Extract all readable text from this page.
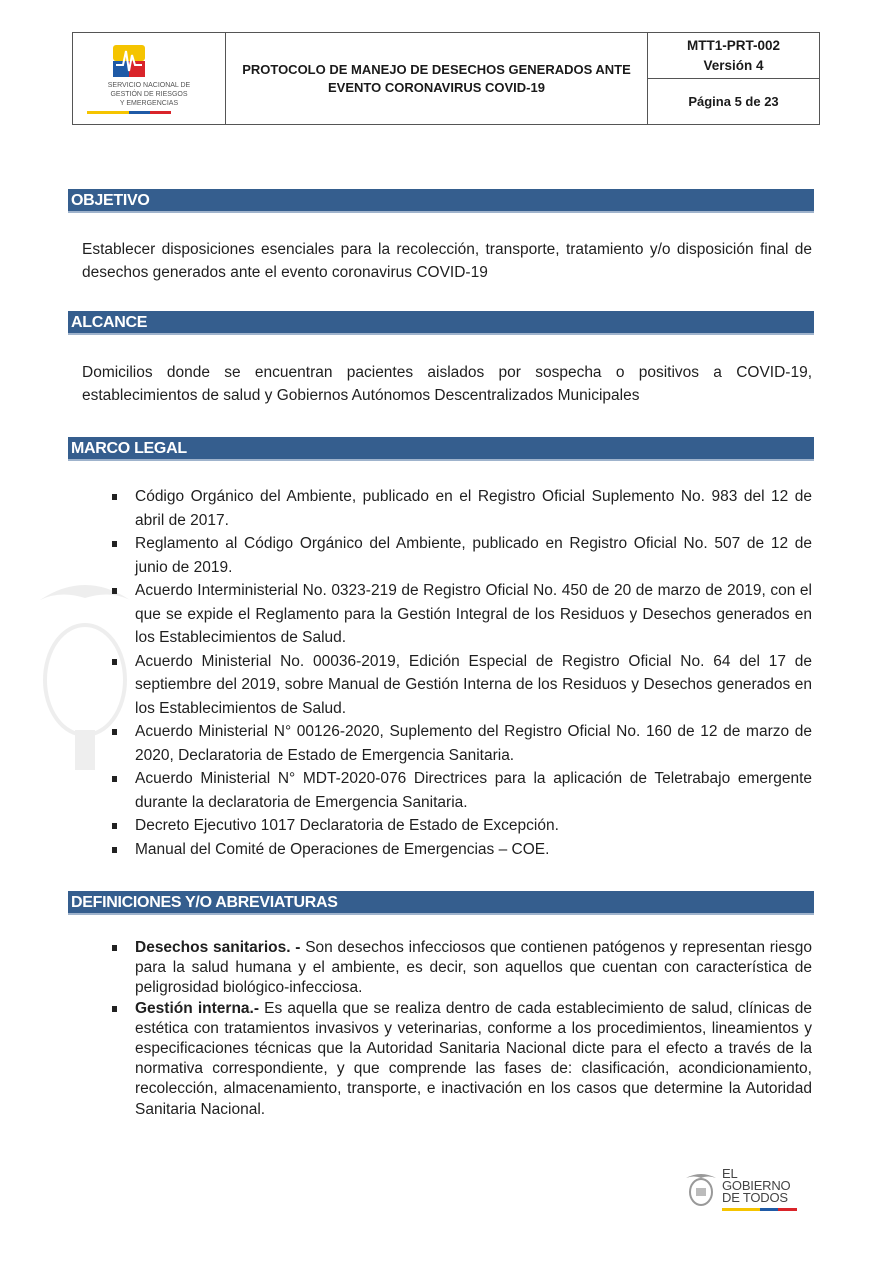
SERVICIO NACIONAL DE
GESTIÓN DE RIESGOS
Y EMERGENCIAS
PROTOCOLO DE MANEJO DE DESECHOS GENERADOS ANTE
EVENTO CORONAVIRUS COVID-19
MTT1-PRT-002
Versión 4
Página 5 de 23
OBJETIVO
Establecer disposiciones esenciales para la recolección, transporte, tratamiento y/o disposición final de desechos generados ante el evento coronavirus COVID-19
ALCANCE
Domicilios donde se encuentran pacientes aislados por sospecha o positivos a COVID-19, establecimientos de salud y Gobiernos Autónomos Descentralizados Municipales
MARCO LEGAL
Código Orgánico del Ambiente, publicado en el Registro Oficial Suplemento No. 983 del 12 de abril de 2017.
Reglamento al Código Orgánico del Ambiente, publicado en Registro Oficial No. 507 de 12 de junio de 2019.
Acuerdo Interministerial No. 0323-219 de Registro Oficial No. 450 de 20 de marzo de 2019, con el que se expide el Reglamento para la Gestión Integral de los Residuos y Desechos generados en los Establecimientos de Salud.
Acuerdo Ministerial No. 00036-2019, Edición Especial de Registro Oficial No. 64 del 17 de septiembre del 2019, sobre Manual de Gestión Interna de los Residuos y Desechos generados en los Establecimientos de Salud.
Acuerdo Ministerial N° 00126-2020, Suplemento del Registro Oficial No. 160 de 12 de marzo de 2020, Declaratoria de Estado de Emergencia Sanitaria.
Acuerdo Ministerial N° MDT-2020-076 Directrices para la aplicación de Teletrabajo emergente durante la declaratoria de Emergencia Sanitaria.
Decreto Ejecutivo 1017 Declaratoria de Estado de Excepción.
Manual del Comité de Operaciones de Emergencias – COE.
DEFINICIONES Y/O ABREVIATURAS
Desechos sanitarios. - Son desechos infecciosos que contienen patógenos y representan riesgo para la salud humana y el ambiente, es decir, son aquellos que cuentan con característica de peligrosidad biológico-infecciosa.
Gestión interna.- Es aquella que se realiza dentro de cada establecimiento de salud, clínicas de estética con tratamientos invasivos y veterinarias, conforme a los procedimientos, lineamientos y especificaciones técnicas que la Autoridad Sanitaria Nacional dicte para el efecto a través de la normativa correspondiente, y que comprende las fases de: clasificación, acondicionamiento, recolección, almacenamiento, transporte, e inactivación en los casos que determine la Autoridad Sanitaria Nacional.
EL
GOBIERNO
DE TODOS
